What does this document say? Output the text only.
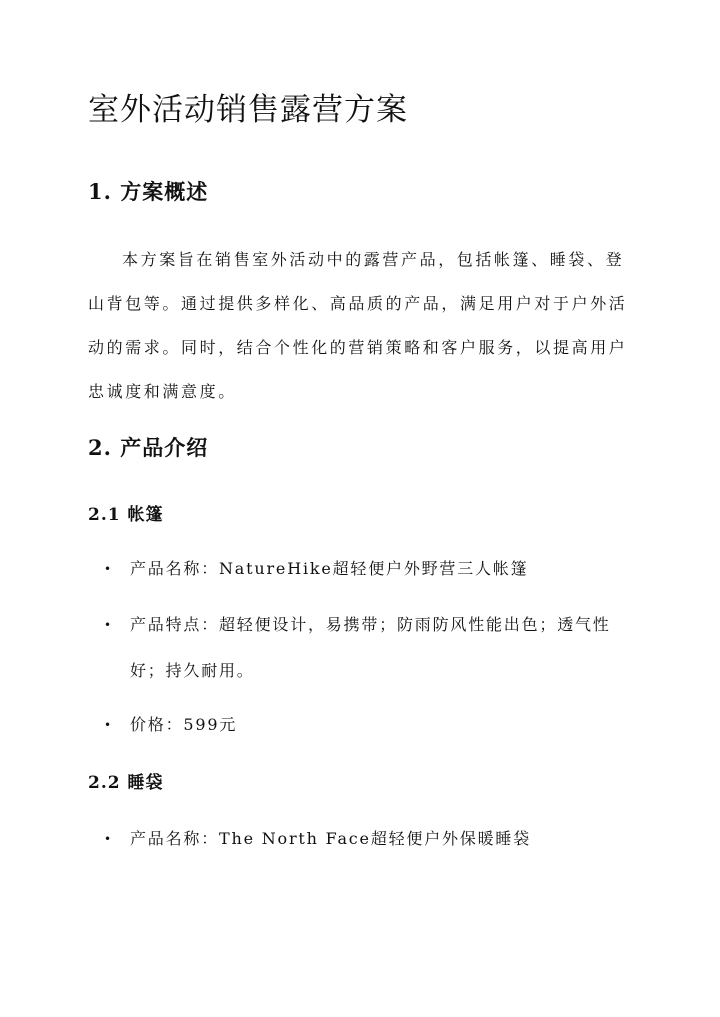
室外活动销售露营方案
1. 方案概述

本方案旨在销售室外活动中的露营产品，包括帐篷、睡袋、登山背包等。通过提供多样化、高品质的产品，满足用户对于户外活动的需求。同时，结合个性化的营销策略和客户服务，以提高用户忠诚度和满意度。

2. 产品介绍
2.1 帐篷
•	产品名称：NatureHike超轻便户外野营三人帐篷
•	产品特点：超轻便设计，易携带；防雨防风性能出色；透气性好；持久耐用。
•	价格：599元
2.2 睡袋
•	产品名称：The North Face超轻便户外保暖睡袋
